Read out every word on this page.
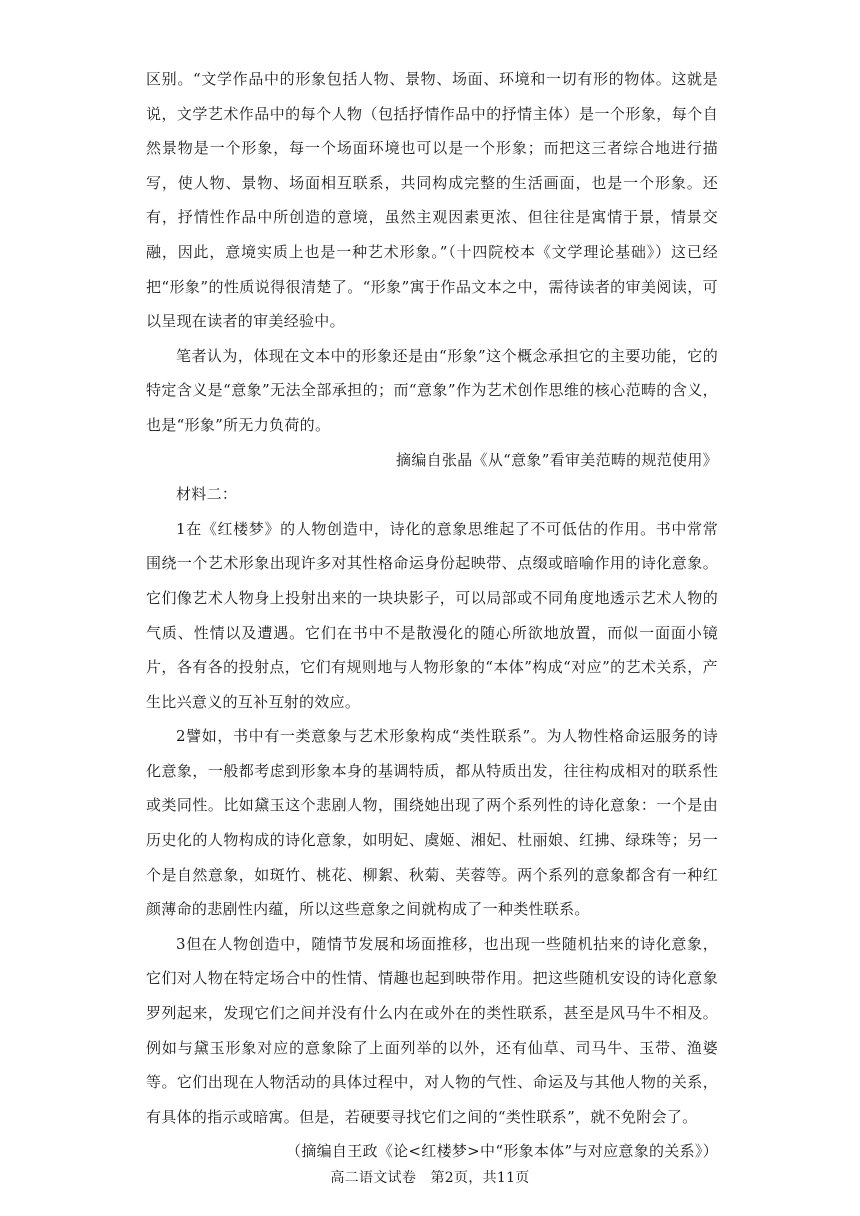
区别。“文学作品中的形象包括人物、景物、场面、环境和一切有形的物体。这就是说，文学艺术作品中的每个人物（包括抒情作品中的抒情主体）是一个形象，每个自然景物是一个形象，每一个场面环境也可以是一个形象；而把这三者综合地进行描写，使人物、景物、场面相互联系，共同构成完整的生活画面，也是一个形象。还有，抒情性作品中所创造的意境，虽然主观因素更浓、但往往是寓情于景，情景交融，因此，意境实质上也是一种艺术形象。”（十四院校本《文学理论基础》）这已经把“形象”的性质说得很清楚了。“形象”寓于作品文本之中，需待读者的审美阅读，可以呈现在读者的审美经验中。

笔者认为，体现在文本中的形象还是由“形象”这个概念承担它的主要功能，它的特定含义是“意象”无法全部承担的；而“意象”作为艺术创作思维的核心范畴的含义，也是“形象”所无力负荷的。

摘编自张晶《从“意象”看审美范畴的规范使用》

材料二：

1在《红楼梦》的人物创造中，诗化的意象思维起了不可低估的作用。书中常常围绕一个艺术形象出现许多对其性格命运身份起映带、点缀或暗喻作用的诗化意象。它们像艺术人物身上投射出来的一块块影子，可以局部或不同角度地透示艺术人物的气质、性情以及遭遇。它们在书中不是散漫化的随心所欲地放置，而似一面面小镜片，各有各的投射点，它们有规则地与人物形象的“本体”构成“对应”的艺术关系，产生比兴意义的互补互射的效应。

2譬如，书中有一类意象与艺术形象构成“类性联系”。为人物性格命运服务的诗化意象，一般都考虑到形象本身的基调特质，都从特质出发，往往构成相对的联系性或类同性。比如黛玉这个悲剧人物，围绕她出现了两个系列性的诗化意象：一个是由历史化的人物构成的诗化意象，如明妃、虞姬、湘妃、杜丽娘、红拂、绿珠等；另一个是自然意象，如斑竹、桃花、柳絮、秋菊、芙蓉等。两个系列的意象都含有一种红颜薄命的悲剧性内蕴，所以这些意象之间就构成了一种类性联系。

3但在人物创造中，随情节发展和场面推移，也出现一些随机拈来的诗化意象，它们对人物在特定场合中的性情、情趣也起到映带作用。把这些随机安设的诗化意象罗列起来，发现它们之间并没有什么内在或外在的类性联系，甚至是风马牛不相及。例如与黛玉形象对应的意象除了上面列举的以外，还有仙草、司马牛、玉带、渔婆等。它们出现在人物活动的具体过程中，对人物的气性、命运及与其他人物的关系，有具体的指示或暗寓。但是，若硬要寻找它们之间的“类性联系”，就不免附会了。

（摘编自王政《论<红楼梦>中“形象本体”与对应意象的关系》）

高二语文试卷　第2页，共11页
